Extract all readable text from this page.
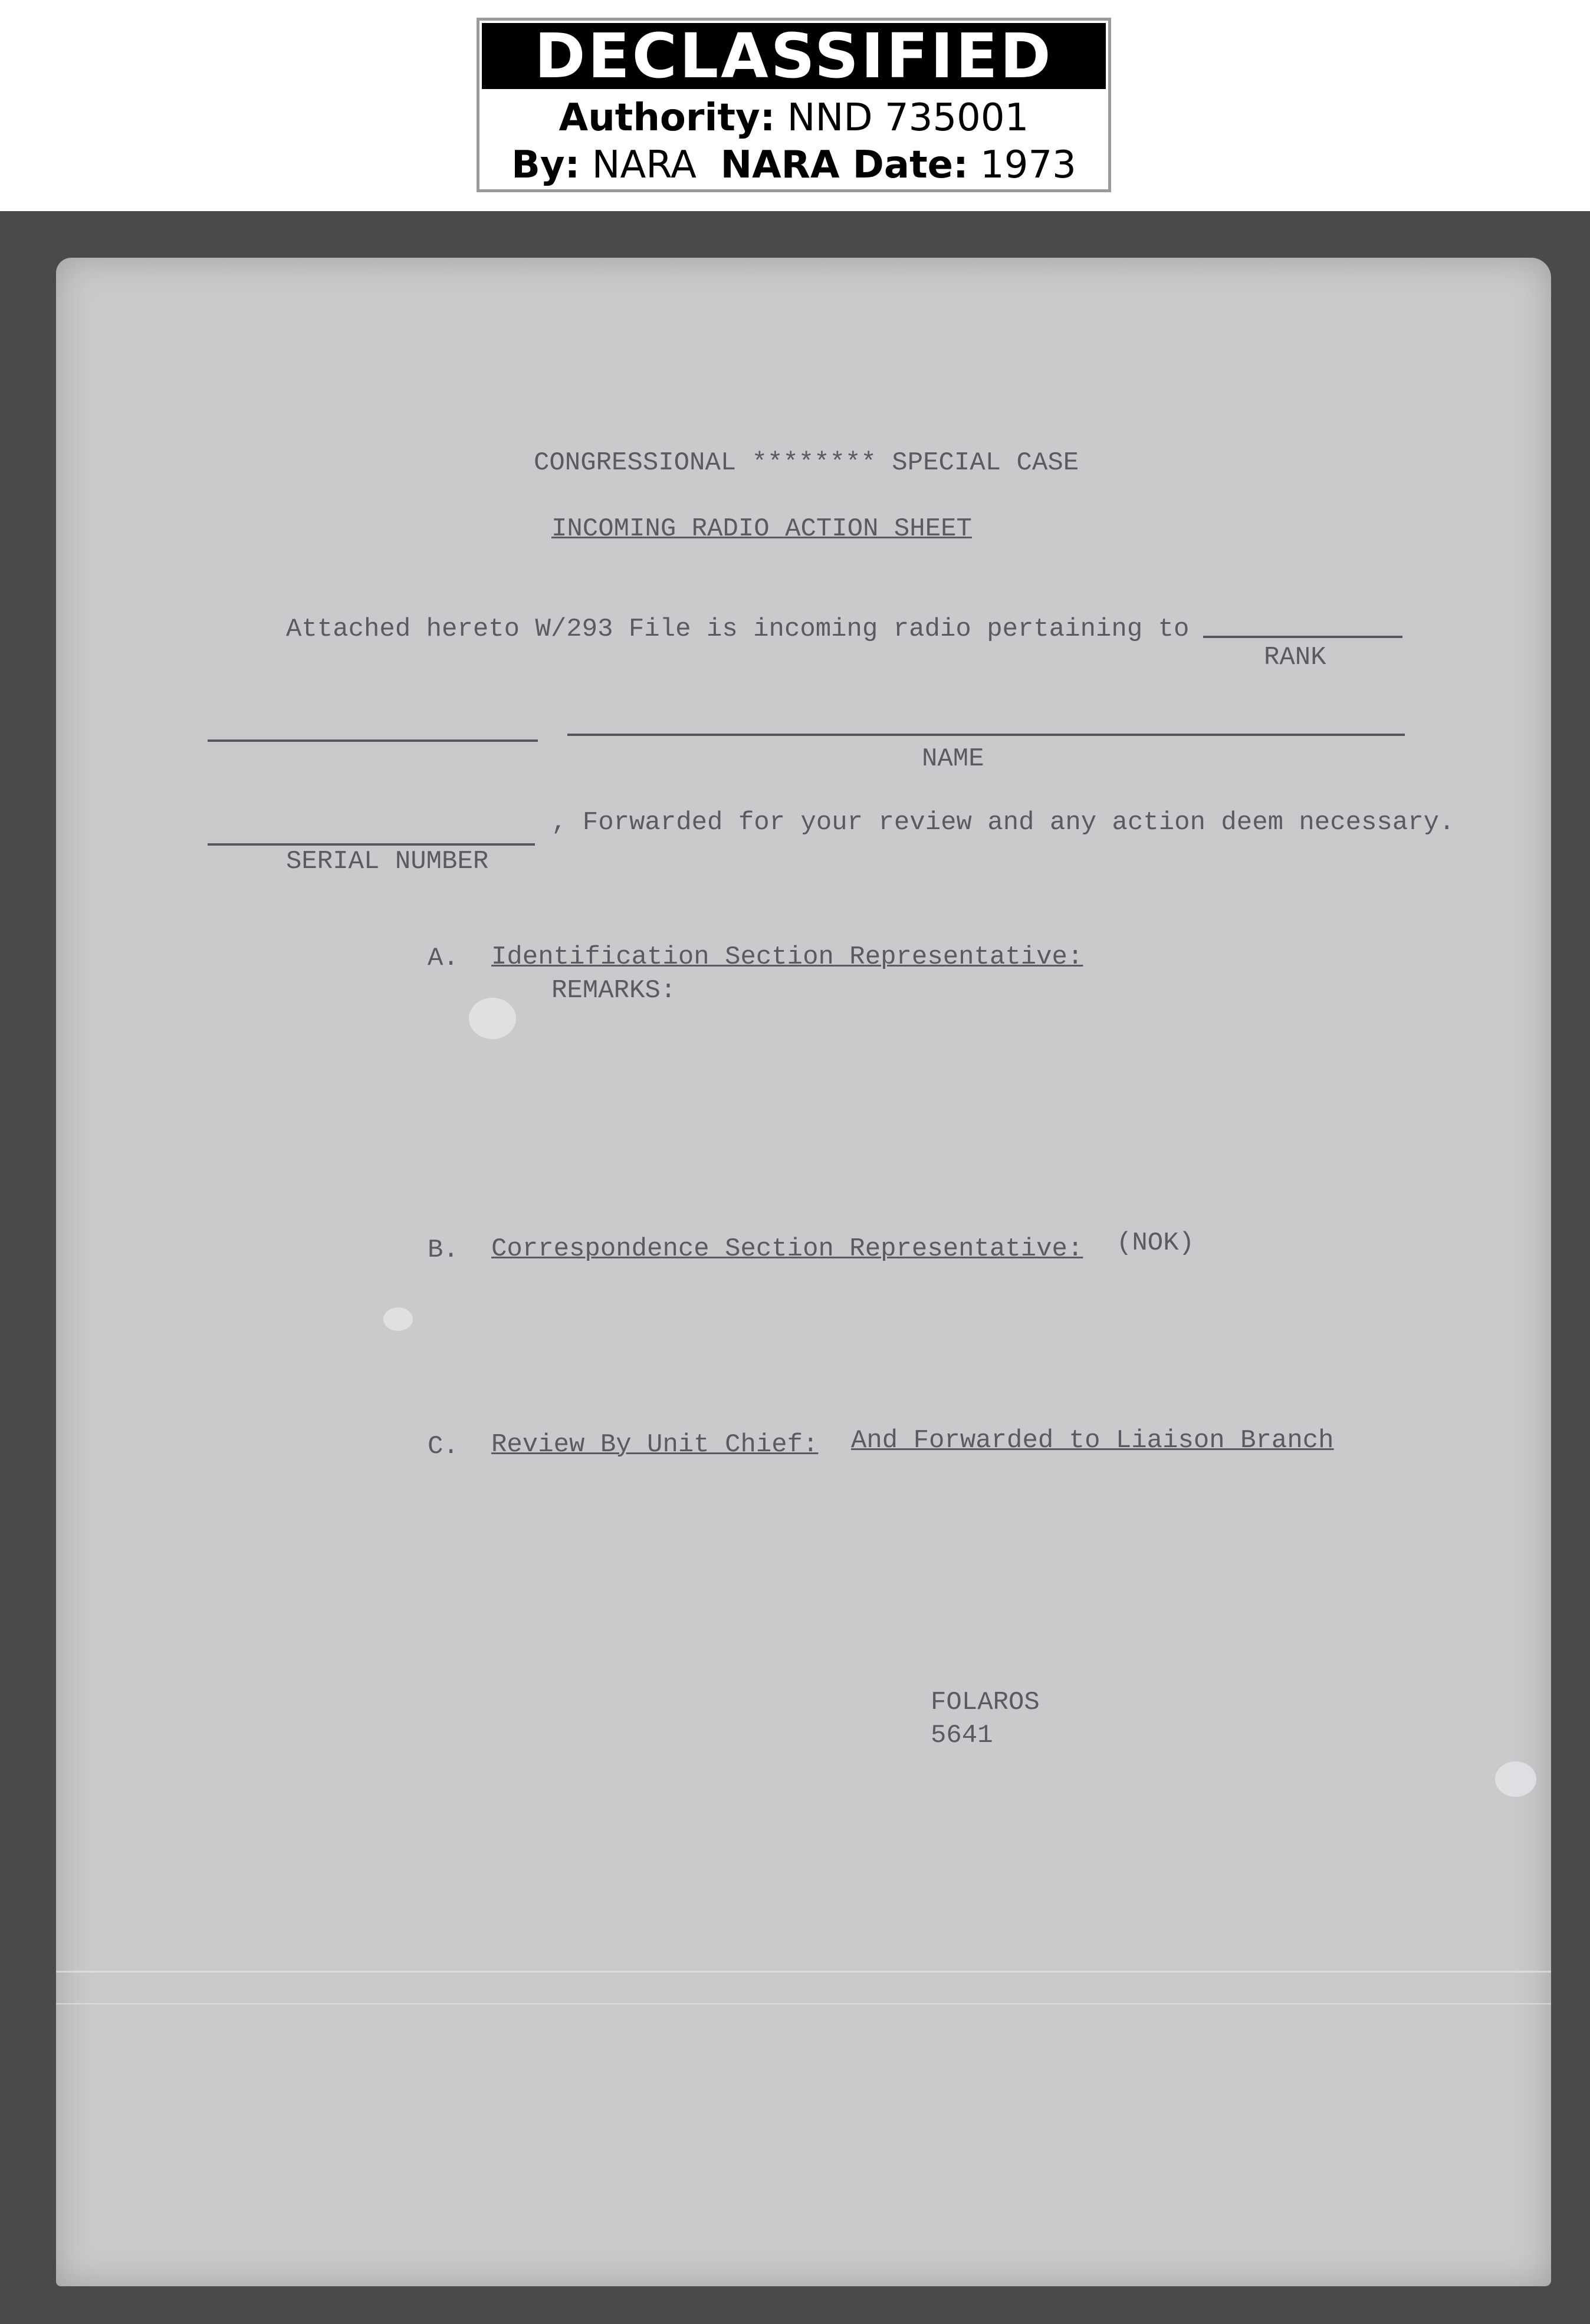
DECLASSIFIED
Authority: NND 735001
By: NARA NARA Date: 1973
CONGRESSIONAL ******** SPECIAL CASE
INCOMING RADIO ACTION SHEET
Attached hereto W/293 File is incoming radio pertaining to
RANK
NAME
, Forwarded for your review and any action deem necessary.
SERIAL NUMBER
A. Identification Section Representative:
REMARKS:
B. Correspondence Section Representative: (NOK)
C. Review By Unit Chief: And Forwarded to Liaison Branch
FOLAROS
5641
